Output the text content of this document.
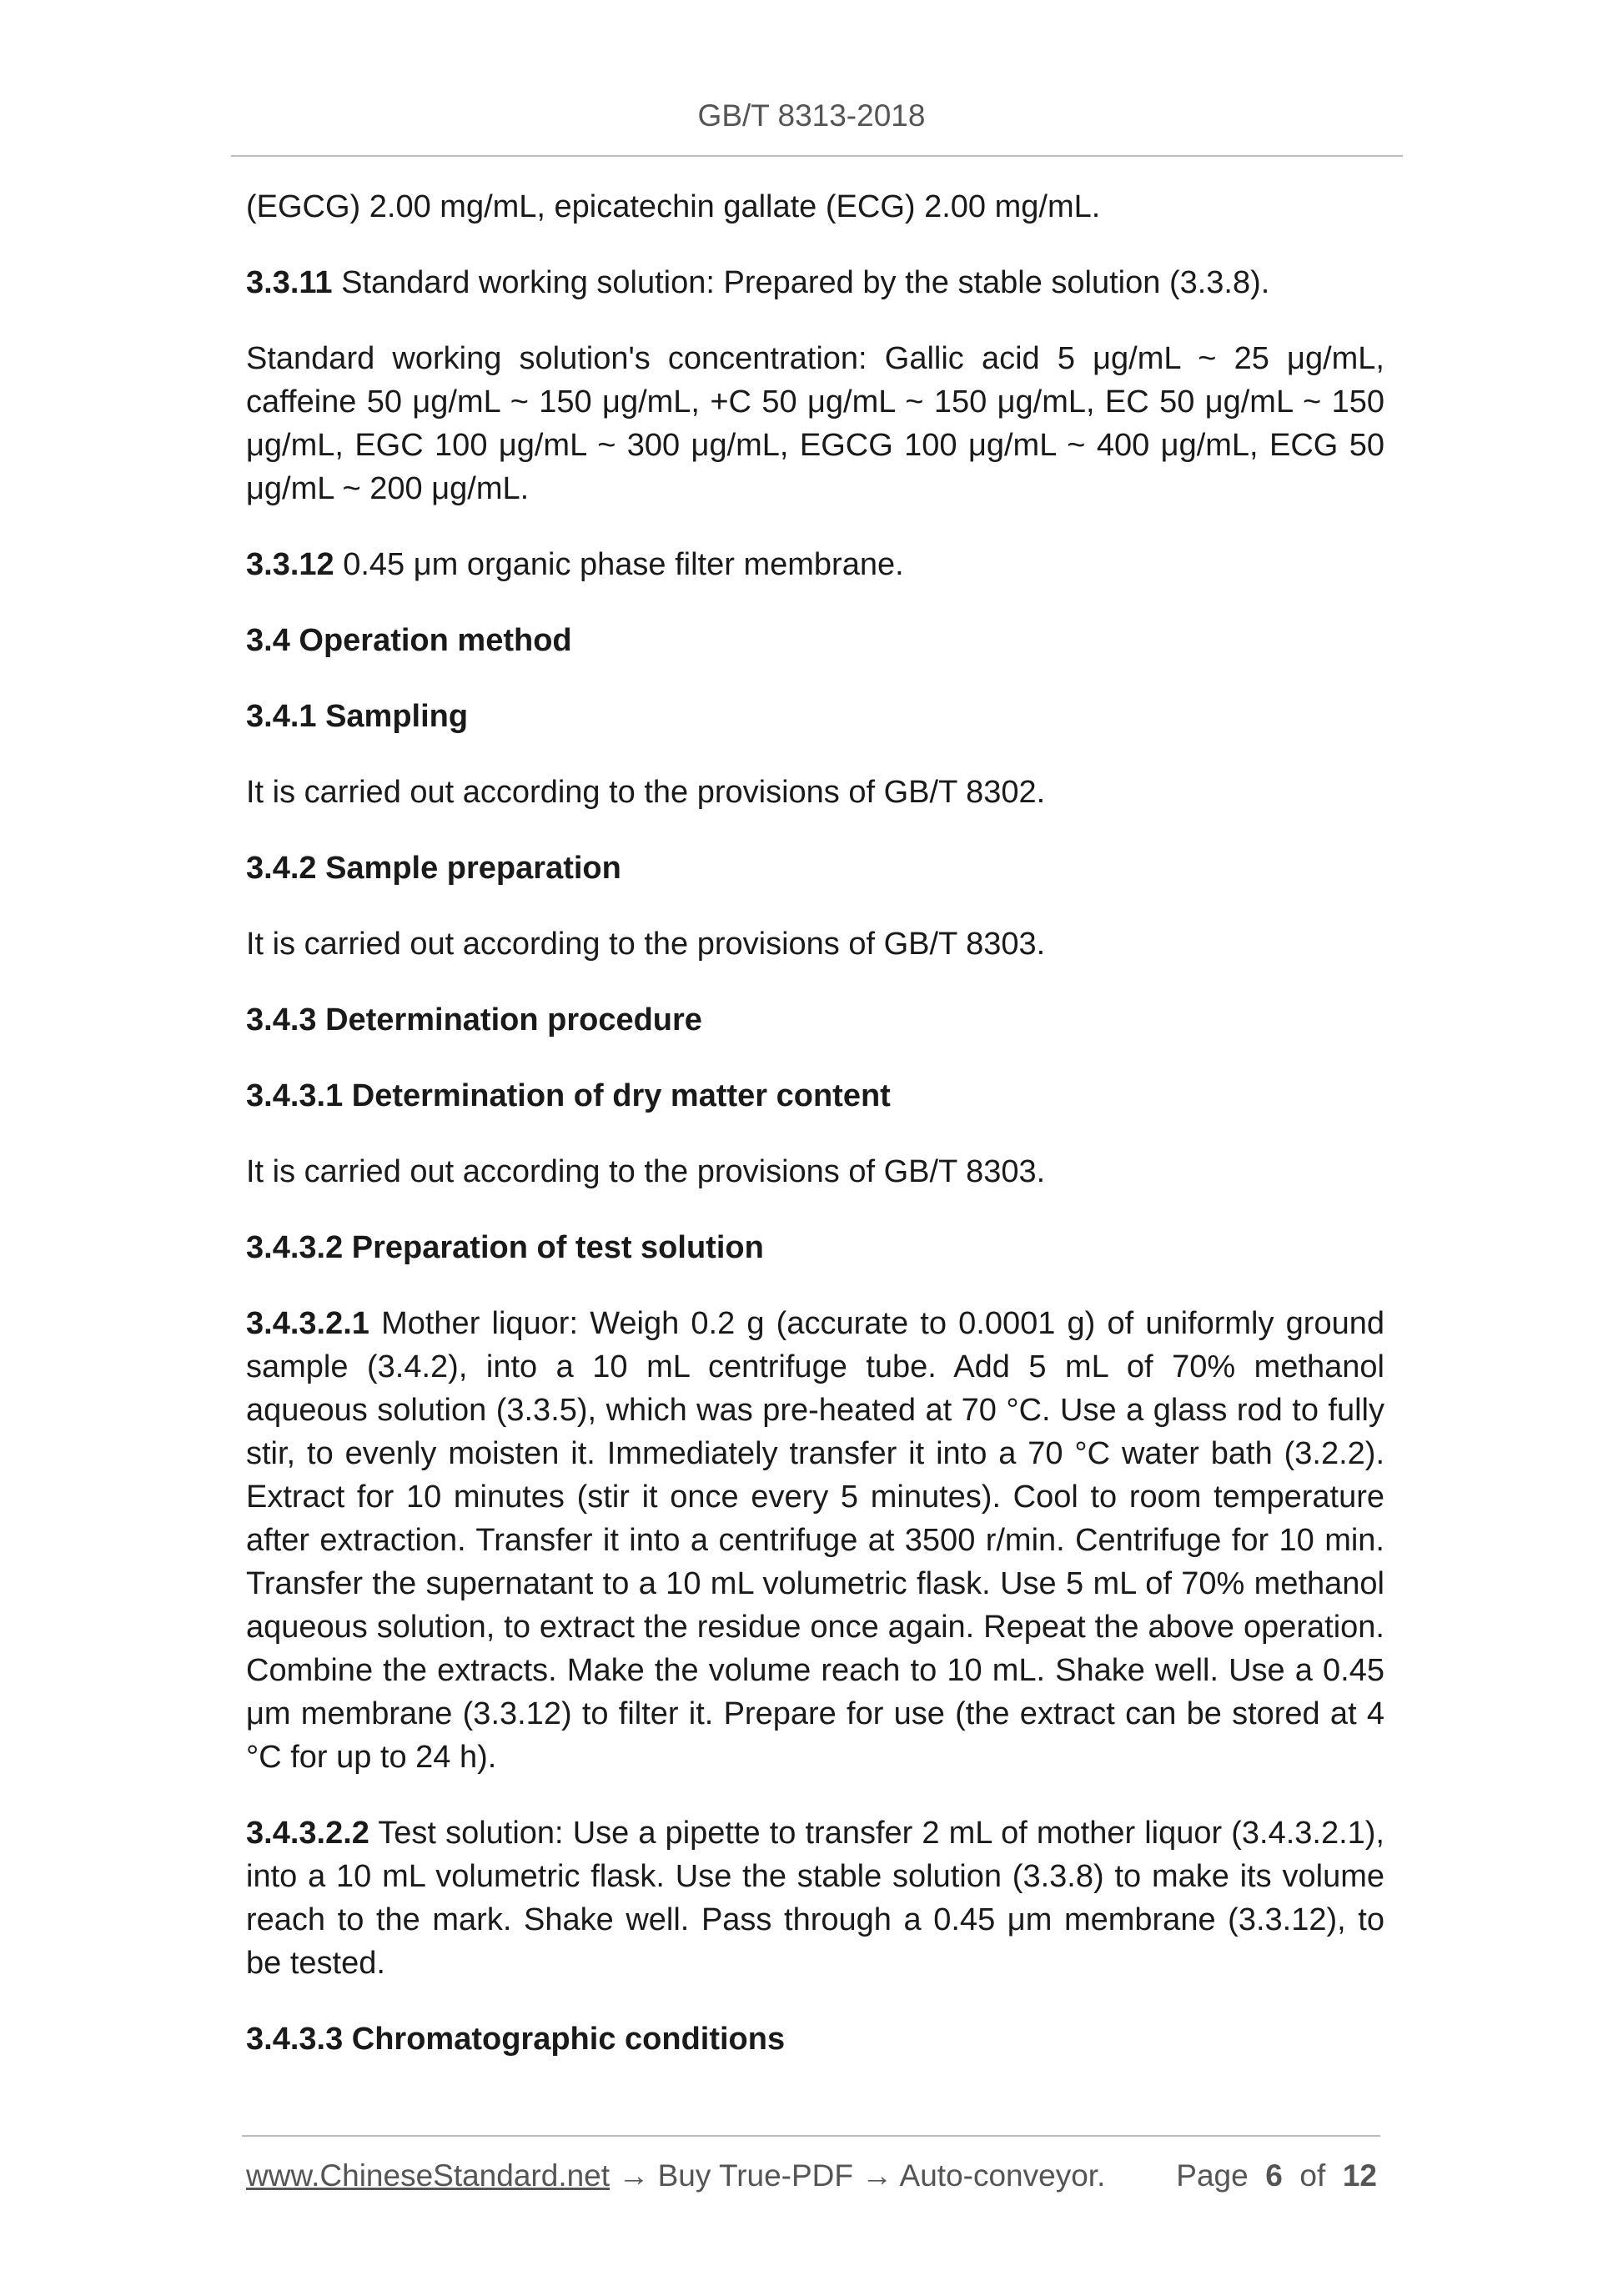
GB/T 8313-2018

(EGCG) 2.00 mg/mL, epicatechin gallate (ECG) 2.00 mg/mL.

3.3.11 Standard working solution: Prepared by the stable solution (3.3.8).

Standard working solution's concentration: Gallic acid 5 μg/mL ~ 25 μg/mL, caffeine 50 μg/mL ~ 150 μg/mL, +C 50 μg/mL ~ 150 μg/mL, EC 50 μg/mL ~ 150 μg/mL, EGC 100 μg/mL ~ 300 μg/mL, EGCG 100 μg/mL ~ 400 μg/mL, ECG 50 μg/mL ~ 200 μg/mL.

3.3.12 0.45 μm organic phase filter membrane.

3.4 Operation method

3.4.1 Sampling

It is carried out according to the provisions of GB/T 8302.

3.4.2 Sample preparation

It is carried out according to the provisions of GB/T 8303.

3.4.3 Determination procedure

3.4.3.1 Determination of dry matter content

It is carried out according to the provisions of GB/T 8303.

3.4.3.2 Preparation of test solution

3.4.3.2.1 Mother liquor: Weigh 0.2 g (accurate to 0.0001 g) of uniformly ground sample (3.4.2), into a 10 mL centrifuge tube. Add 5 mL of 70% methanol aqueous solution (3.3.5), which was pre-heated at 70 °C. Use a glass rod to fully stir, to evenly moisten it. Immediately transfer it into a 70 °C water bath (3.2.2). Extract for 10 minutes (stir it once every 5 minutes). Cool to room temperature after extraction. Transfer it into a centrifuge at 3500 r/min. Centrifuge for 10 min. Transfer the supernatant to a 10 mL volumetric flask. Use 5 mL of 70% methanol aqueous solution, to extract the residue once again. Repeat the above operation. Combine the extracts. Make the volume reach to 10 mL. Shake well. Use a 0.45 μm membrane (3.3.12) to filter it. Prepare for use (the extract can be stored at 4 °C for up to 24 h).

3.4.3.2.2 Test solution: Use a pipette to transfer 2 mL of mother liquor (3.4.3.2.1), into a 10 mL volumetric flask. Use the stable solution (3.3.8) to make its volume reach to the mark. Shake well. Pass through a 0.45 μm membrane (3.3.12), to be tested.

3.4.3.3 Chromatographic conditions

www.ChineseStandard.net → Buy True-PDF → Auto-conveyor. Page 6 of 12
